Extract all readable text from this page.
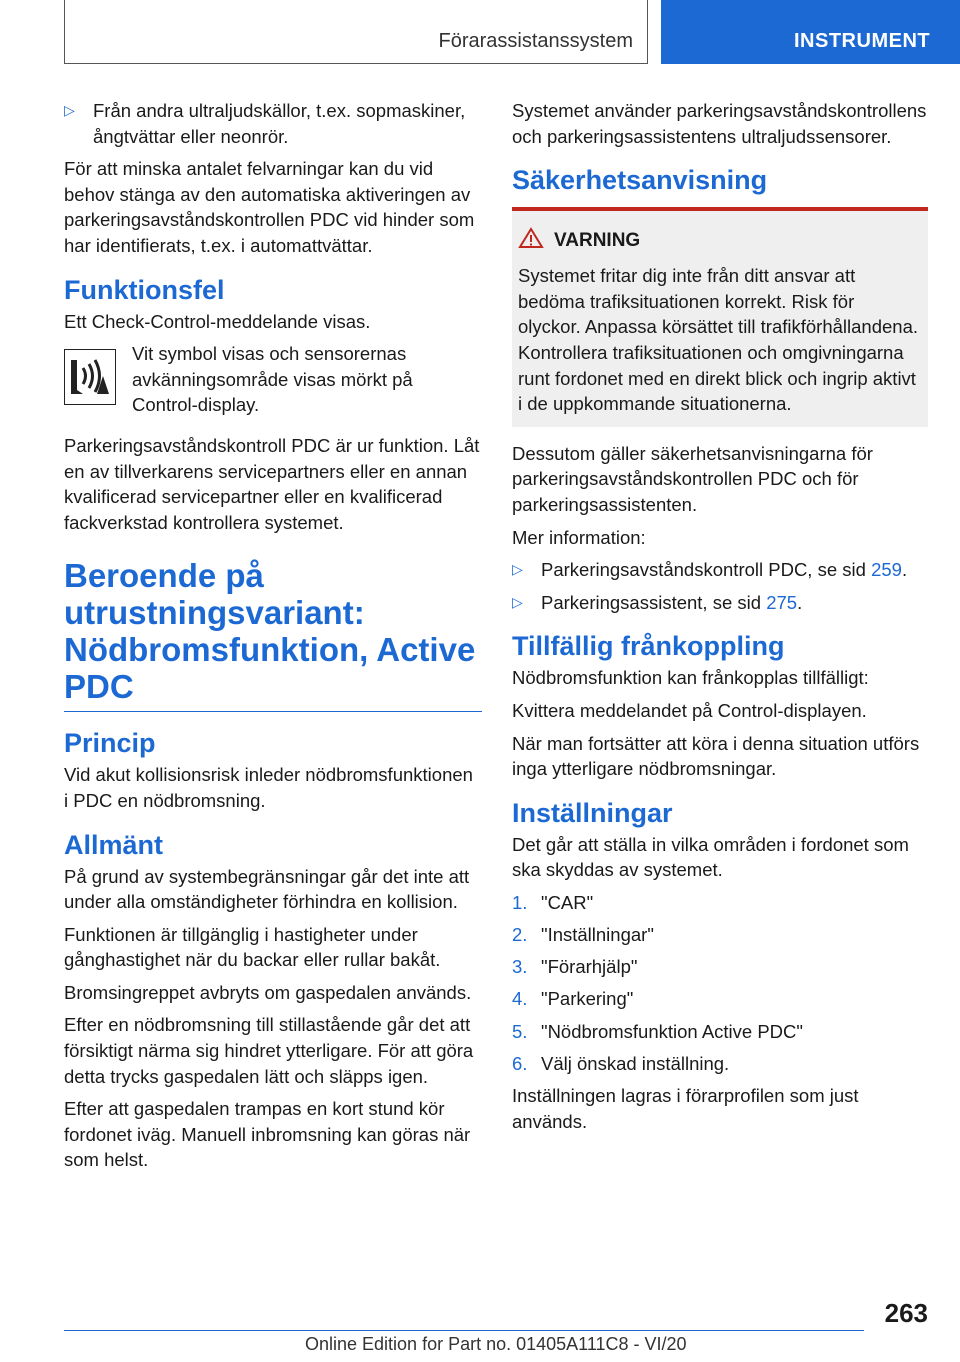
Förarassistanssystem	INSTRUMENT
▷ Från andra ultraljudskällor, t.ex. sopmaskiner, ångtvättar eller neonrör.

För att minska antalet felvarningar kan du vid behov stänga av den automatiska aktiveringen av parkeringsavståndskontrollen PDC vid hinder som har identifierats, t.ex. i automattvättar.

Funktionsfel

Ett Check-Control-meddelande visas.

Vit symbol visas och sensorernas avkänningsområde visas mörkt på Control-display.

Parkeringsavståndskontroll PDC är ur funktion. Låt en av tillverkarens servicepartners eller en annan kvalificerad servicepartner eller en kvalificerad fackverkstad kontrollera systemet.

Beroende på utrustningsvariant: Nödbromsfunktion, Active PDC
Princip

Vid akut kollisionsrisk inleder nödbromsfunktionen i PDC en nödbromsning.

Allmänt

På grund av systembegränsningar går det inte att under alla omständigheter förhindra en kollision.

Funktionen är tillgänglig i hastigheter under gånghastighet när du backar eller rullar bakåt.

Bromsingreppet avbryts om gaspedalen används.

Efter en nödbromsning till stillastående går det att försiktigt närma sig hindret ytterligare. För att göra detta trycks gaspedalen lätt och släpps igen.

Efter att gaspedalen trampas en kort stund kör fordonet iväg. Manuell inbromsning kan göras när som helst.

Systemet använder parkeringsavståndskontrollens och parkeringsassistentens ultraljudssensorer.

Säkerhetsanvisning
VARNING

Systemet fritar dig inte från ditt ansvar att bedöma trafiksituationen korrekt. Risk för olyckor. Anpassa körsättet till trafikförhållandena. Kontrollera trafiksituationen och omgivningarna runt fordonet med en direkt blick och ingrip aktivt i de uppkommande situationerna.

Dessutom gäller säkerhetsanvisningarna för parkeringsavståndskontrollen PDC och för parkeringsassistenten.

Mer information:

▷ Parkeringsavståndskontroll PDC, se sid 259.
▷ Parkeringsassistent, se sid 275.
Tillfällig frånkoppling

Nödbromsfunktion kan frånkopplas tillfälligt:

Kvittera meddelandet på Control-displayen.

När man fortsätter att köra i denna situation utförs inga ytterligare nödbromsningar.

Inställningar

Det går att ställa in vilka områden i fordonet som ska skyddas av systemet.

1. "CAR"
2. "Inställningar"
3. "Förarhjälp"
4. "Parkering"
5. "Nödbromsfunktion Active PDC"
6. Välj önskad inställning.

Inställningen lagras i förarprofilen som just används.

263
Online Edition for Part no. 01405A111C8 - VI/20
